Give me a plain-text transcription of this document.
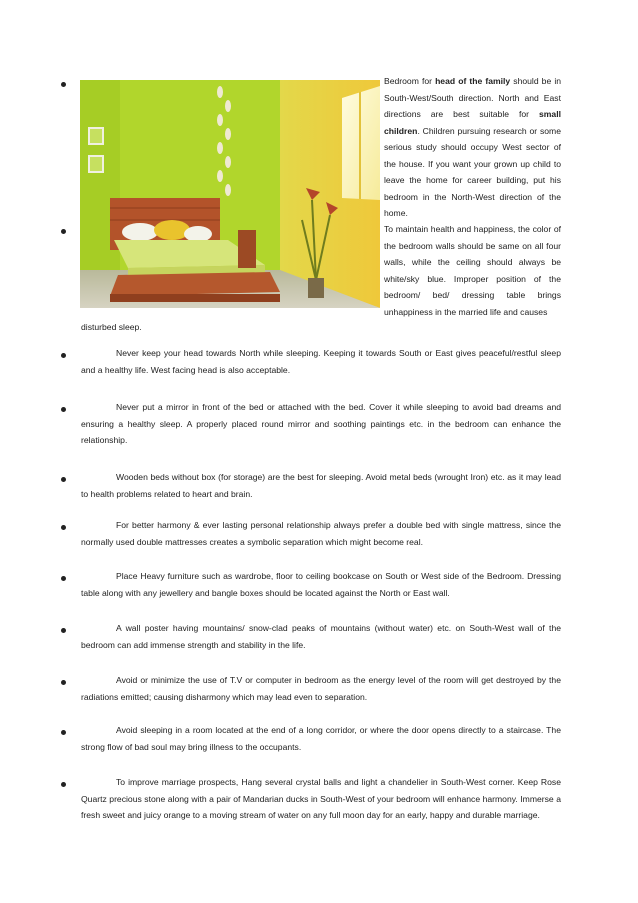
Bedroom for head of the family should be in South-West/South direction. North and East directions are best suitable for small children. Children pursuing research or some serious study should occupy West sector of the house. If you want your grown up child to leave the home for career building, put his bedroom in the North-West direction of the home.
To maintain health and happiness, the color of the bedroom walls should be same on all four walls, while the ceiling should always be white/sky blue. Improper position of the bedroom/ bed/ dressing table brings unhappiness in the married life and causes
disturbed sleep.
Never keep your head towards North while sleeping. Keeping it towards South or East gives peaceful/restful sleep and a healthy life. West facing head is also acceptable.
Never put a mirror in front of the bed or attached with the bed. Cover it while sleeping to avoid bad dreams and ensuring a healthy sleep. A properly placed round mirror and soothing paintings etc. in the bedroom can enhance the relationship.
Wooden beds without box (for storage) are the best for sleeping. Avoid metal beds (wrought Iron) etc. as it may lead to health problems related to heart and brain.
For better harmony & ever lasting personal relationship always prefer a double bed with single mattress, since the normally used double mattresses creates a symbolic separation which might become real.
Place Heavy furniture such as wardrobe, floor to ceiling bookcase on South or West side of the Bedroom. Dressing table along with any jewellery and bangle boxes should be located against the North or East wall.
A wall poster having mountains/ snow-clad peaks of mountains (without water) etc. on South-West wall of the bedroom can add immense strength and stability in the life.
Avoid or minimize the use of T.V or computer in bedroom as the energy level of the room will get destroyed by the radiations emitted; causing disharmony which may lead even to separation.
Avoid sleeping in a room located at the end of a long corridor, or where the door opens directly to a staircase. The strong flow of bad soul may bring illness to the occupants.
To improve marriage prospects, Hang several crystal balls and light a chandelier in South-West corner. Keep Rose Quartz precious stone along with a pair of Mandarian ducks in South-West of your bedroom will enhance harmony. Immerse a fresh sweet and juicy orange to a moving stream of water on any full moon day for an early, happy and durable marriage.
